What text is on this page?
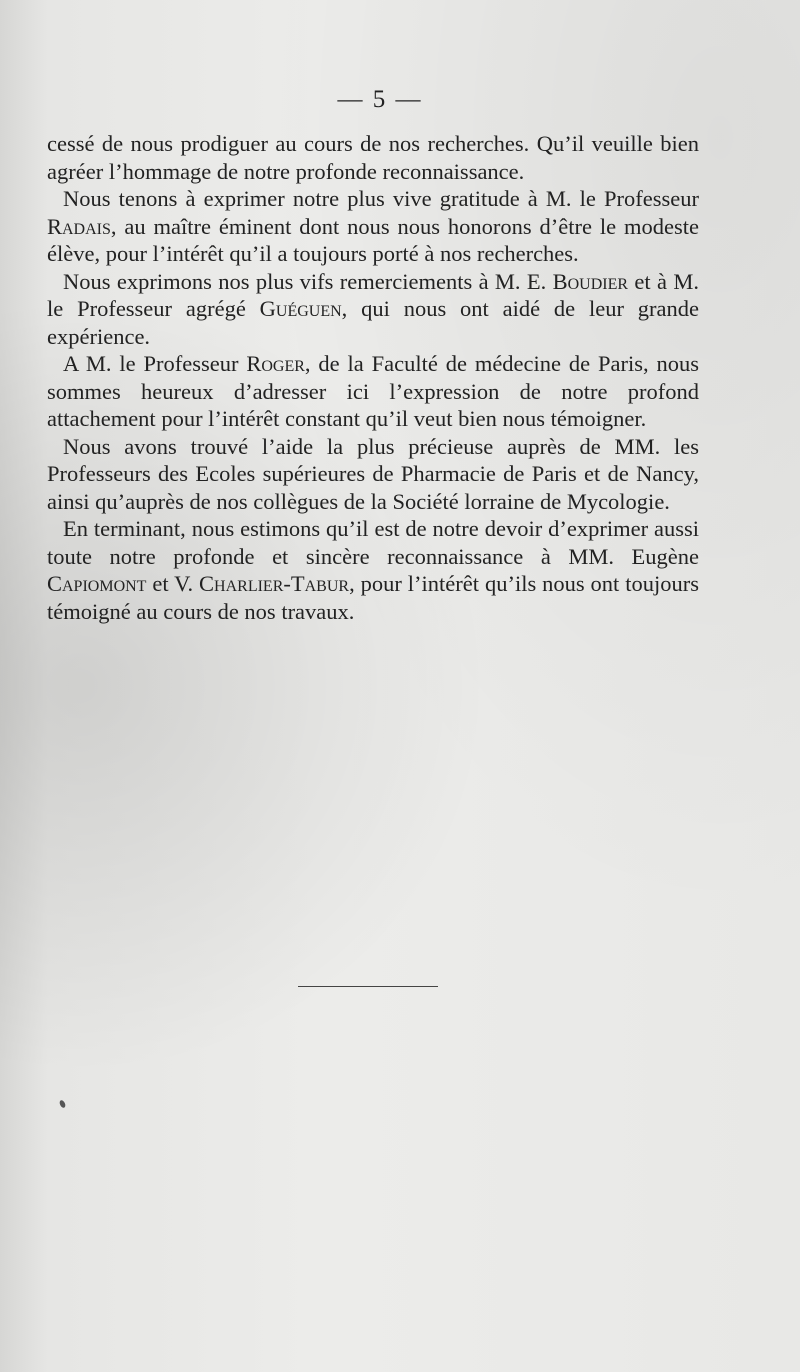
— 5 —

cessé de nous prodiguer au cours de nos recherches. Qu’il veuille bien agréer l’hommage de notre profonde reconnaissance.

Nous tenons à exprimer notre plus vive gratitude à M. le Professeur Radais, au maître éminent dont nous nous honorons d’être le modeste élève, pour l’intérêt qu’il a toujours porté à nos recherches.

Nous exprimons nos plus vifs remerciements à M. E. Boudier et à M. le Professeur agrégé Guéguen, qui nous ont aidé de leur grande expérience.

A M. le Professeur Roger, de la Faculté de médecine de Paris, nous sommes heureux d’adresser ici l’expression de notre profond attachement pour l’intérêt constant qu’il veut bien nous témoigner.

Nous avons trouvé l’aide la plus précieuse auprès de MM. les Professeurs des Ecoles supérieures de Pharmacie de Paris et de Nancy, ainsi qu’auprès de nos collègues de la Société lorraine de Mycologie.

En terminant, nous estimons qu’il est de notre devoir d’exprimer aussi toute notre profonde et sincère reconnaissance à MM. Eugène Capiomont et V. Charlier-Tabur, pour l’intérêt qu’ils nous ont toujours témoigné au cours de nos travaux.
